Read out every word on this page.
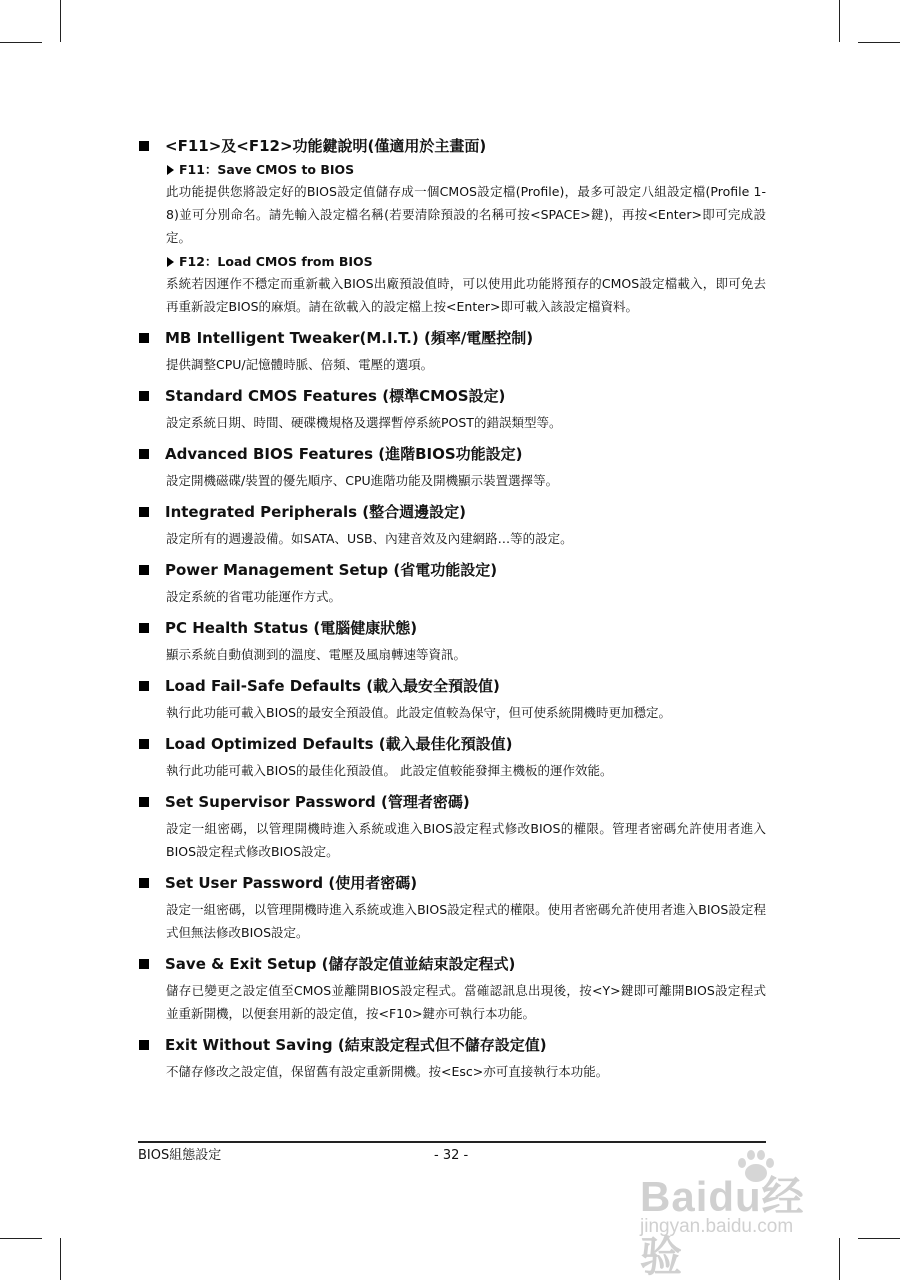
<F11>及<F12>功能鍵說明(僅適用於主畫面)
F11：Save CMOS to BIOS
此功能提供您將設定好的BIOS設定值儲存成一個CMOS設定檔(Profile)，最多可設定八組設定檔(Profile 1-8)並可分別命名。請先輸入設定檔名稱(若要清除預設的名稱可按<SPACE>鍵)，再按<Enter>即可完成設定。
F12：Load CMOS from BIOS
系統若因運作不穩定而重新載入BIOS出廠預設值時，可以使用此功能將預存的CMOS設定檔載入，即可免去再重新設定BIOS的麻煩。請在欲載入的設定檔上按<Enter>即可載入該設定檔資料。
MB Intelligent Tweaker(M.I.T.) (頻率/電壓控制)
提供調整CPU/記憶體時脈、倍頻、電壓的選項。
Standard CMOS Features (標準CMOS設定)
設定系統日期、時間、硬碟機規格及選擇暫停系統POST的錯誤類型等。
Advanced BIOS Features (進階BIOS功能設定)
設定開機磁碟/裝置的優先順序、CPU進階功能及開機顯示裝置選擇等。
Integrated Peripherals (整合週邊設定)
設定所有的週邊設備。如SATA、USB、內建音效及內建網路…等的設定。
Power Management Setup (省電功能設定)
設定系統的省電功能運作方式。
PC Health Status (電腦健康狀態)
顯示系統自動偵測到的溫度、電壓及風扇轉速等資訊。
Load Fail-Safe Defaults (載入最安全預設值)
執行此功能可載入BIOS的最安全預設值。此設定值較為保守，但可使系統開機時更加穩定。
Load Optimized Defaults (載入最佳化預設值)
執行此功能可載入BIOS的最佳化預設值。 此設定值較能發揮主機板的運作效能。
Set Supervisor Password (管理者密碼)
設定一組密碼，以管理開機時進入系統或進入BIOS設定程式修改BIOS的權限。管理者密碼允許使用者進入BIOS設定程式修改BIOS設定。
Set User Password (使用者密碼)
設定一組密碼，以管理開機時進入系統或進入BIOS設定程式的權限。使用者密碼允許使用者進入BIOS設定程式但無法修改BIOS設定。
Save & Exit Setup (儲存設定值並結束設定程式)
儲存已變更之設定值至CMOS並離開BIOS設定程式。當確認訊息出現後，按<Y>鍵即可離開BIOS設定程式並重新開機，以便套用新的設定值，按<F10>鍵亦可執行本功能。
Exit Without Saving (結束設定程式但不儲存設定值)
不儲存修改之設定值，保留舊有設定重新開機。按<Esc>亦可直接執行本功能。
BIOS組態設定	- 32 -
Baidu经验
jingyan.baidu.com
